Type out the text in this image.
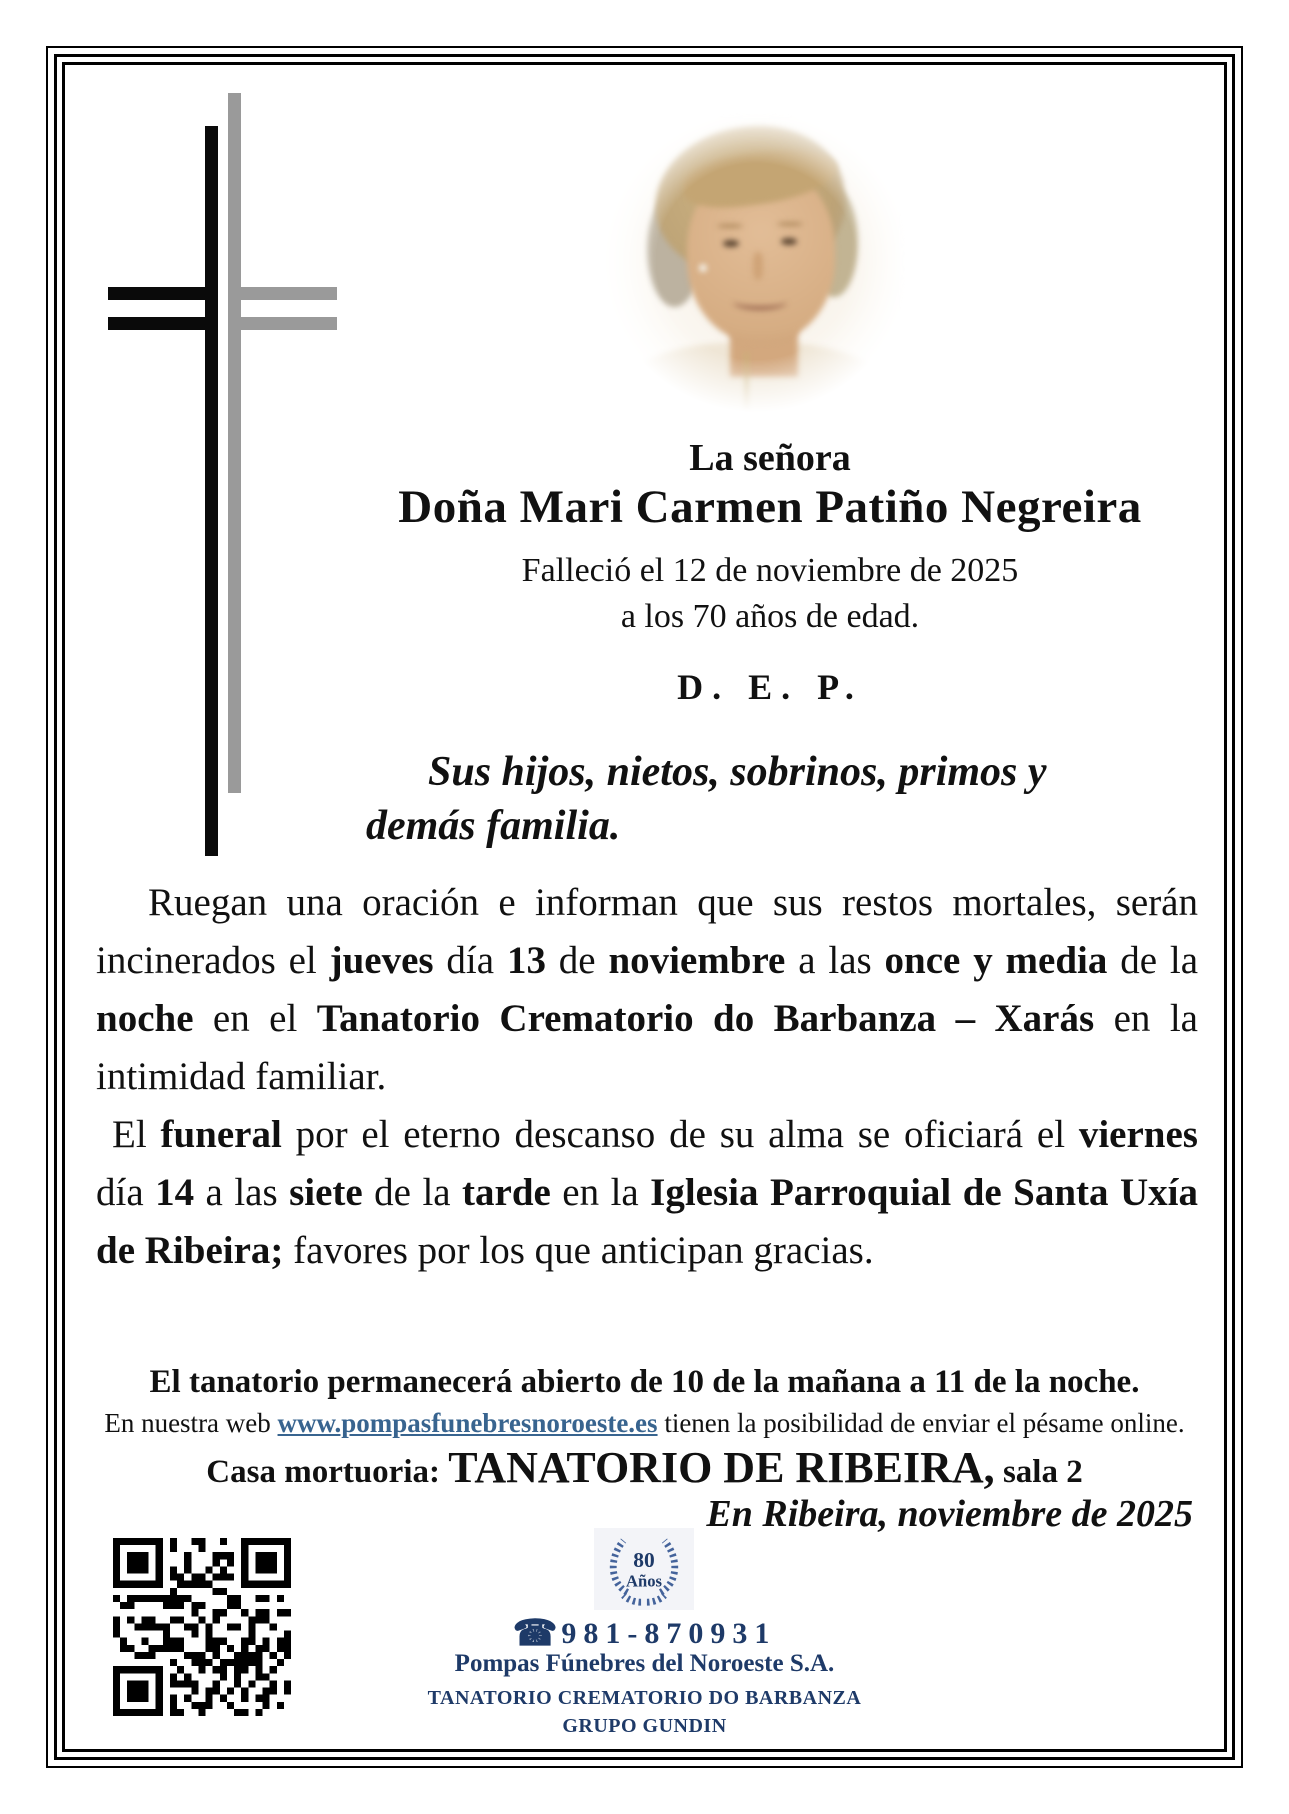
La señora
Doña Mari Carmen Patiño Negreira
Falleció el 12 de noviembre de 2025
a los 70 años de edad.
D. E. P.
Sus hijos, nietos, sobrinos, primos y
demás familia.

Ruegan una oración e informan que sus restos mortales, serán incinerados el jueves día 13 de noviembre a las once y media de la noche en el Tanatorio Crematorio do Barbanza – Xarás en la intimidad familiar.

El funeral por el eterno descanso de su alma se oficiará el viernes día 14 a las siete de la tarde en la Iglesia Parroquial de Santa Uxía de Ribeira; favores por los que anticipan gracias.

El tanatorio permanecerá abierto de 10 de la mañana a 11 de la noche.
En nuestra web www.pompasfunebresnoroeste.es tienen la posibilidad de enviar el pésame online.
Casa mortuoria: TANATORIO DE RIBEIRA, sala 2
En Ribeira, noviembre de 2025
80
Años
☎ 981-870931
Pompas Fúnebres del Noroeste S.A.
TANATORIO CREMATORIO DO BARBANZA
GRUPO GUNDIN
